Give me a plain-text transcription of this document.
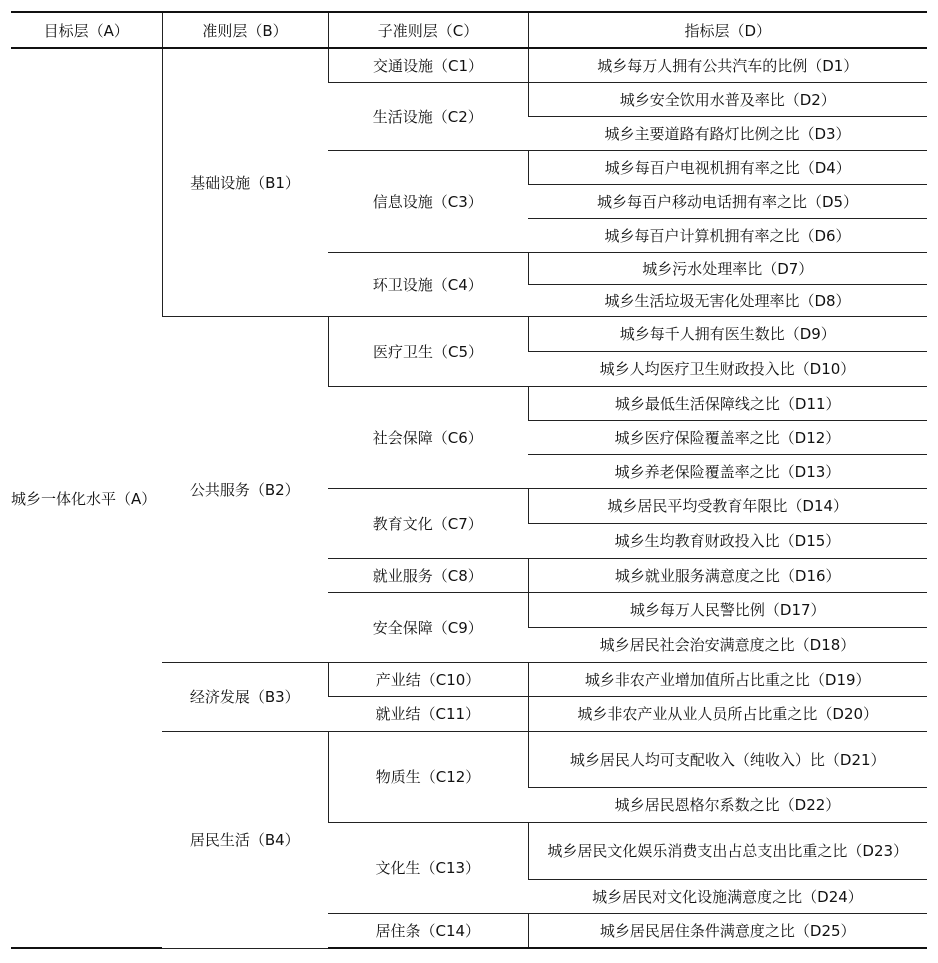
目标层（A）	准则层（B）	子准则层（C）	指标层（D）
城乡一体化水平（A）	基础设施（B1）	交通设施（C1）	城乡每万人拥有公共汽车的比例（D1）
		生活设施（C2）	城乡安全饮用水普及率比（D2）
			城乡主要道路有路灯比例之比（D3）
		信息设施（C3）	城乡每百户电视机拥有率之比（D4）
			城乡每百户移动电话拥有率之比（D5）
			城乡每百户计算机拥有率之比（D6）
		环卫设施（C4）	城乡污水处理率比（D7）
			城乡生活垃圾无害化处理率比（D8）
	公共服务（B2）	医疗卫生（C5）	城乡每千人拥有医生数比（D9）
			城乡人均医疗卫生财政投入比（D10）
		社会保障（C6）	城乡最低生活保障线之比（D11）
			城乡医疗保险覆盖率之比（D12）
			城乡养老保险覆盖率之比（D13）
		教育文化（C7）	城乡居民平均受教育年限比（D14）
			城乡生均教育财政投入比（D15）
		就业服务（C8）	城乡就业服务满意度之比（D16）
		安全保障（C9）	城乡每万人民警比例（D17）
			城乡居民社会治安满意度之比（D18）
	经济发展（B3）	产业结（C10）	城乡非农产业增加值所占比重之比（D19）
		就业结（C11）	城乡非农产业从业人员所占比重之比（D20）
	居民生活（B4）	物质生（C12）	城乡居民人均可支配收入（纯收入）比（D21）
			城乡居民恩格尔系数之比（D22）
		文化生（C13）	城乡居民文化娱乐消费支出占总支出比重之比（D23）
			城乡居民对文化设施满意度之比（D24）
		居住条（C14）	城乡居民居住条件满意度之比（D25）
